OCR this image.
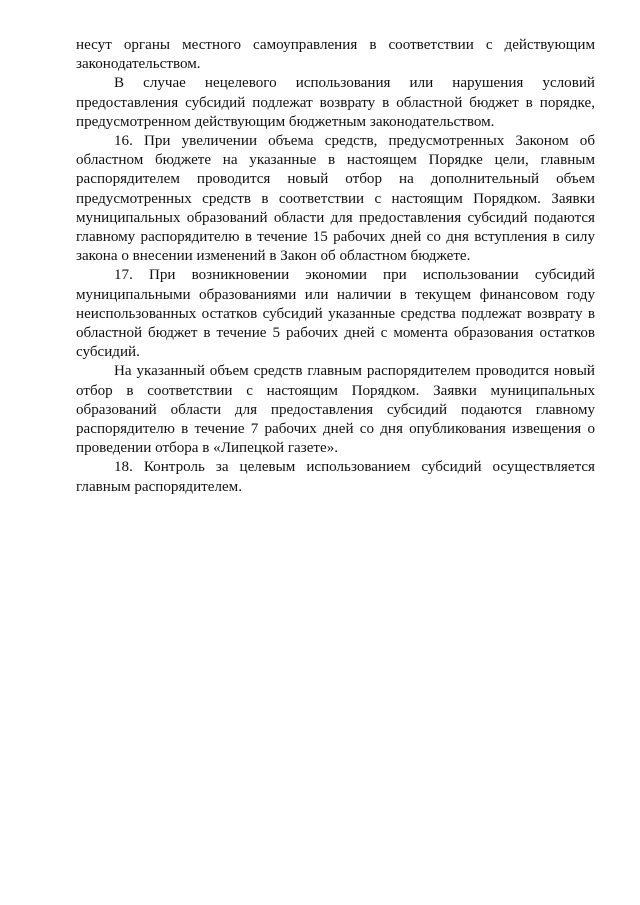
несут органы местного самоуправления в соответствии с действующим законодательством.

В случае нецелевого использования или нарушения условий предоставления субсидий подлежат возврату в областной бюджет в порядке, предусмотренном действующим бюджетным законодательством.

16. При увеличении объема средств, предусмотренных Законом об областном бюджете на указанные в настоящем Порядке цели, главным распорядителем проводится новый отбор на дополнительный объем предусмотренных средств в соответствии с настоящим Порядком. Заявки муниципальных образований области для предоставления субсидий подаются главному распорядителю в течение 15 рабочих дней со дня вступления в силу закона о внесении изменений в Закон об областном бюджете.

17. При возникновении экономии при использовании субсидий муниципальными образованиями или наличии в текущем финансовом году неиспользованных остатков субсидий указанные средства подлежат возврату в областной бюджет в течение 5 рабочих дней с момента образования остатков субсидий.

На указанный объем средств главным распорядителем проводится новый отбор в соответствии с настоящим Порядком. Заявки муниципальных образований области для предоставления субсидий подаются главному распорядителю в течение 7 рабочих дней со дня опубликования извещения о проведении отбора в «Липецкой газете».

18. Контроль за целевым использованием субсидий осуществляется главным распорядителем.
